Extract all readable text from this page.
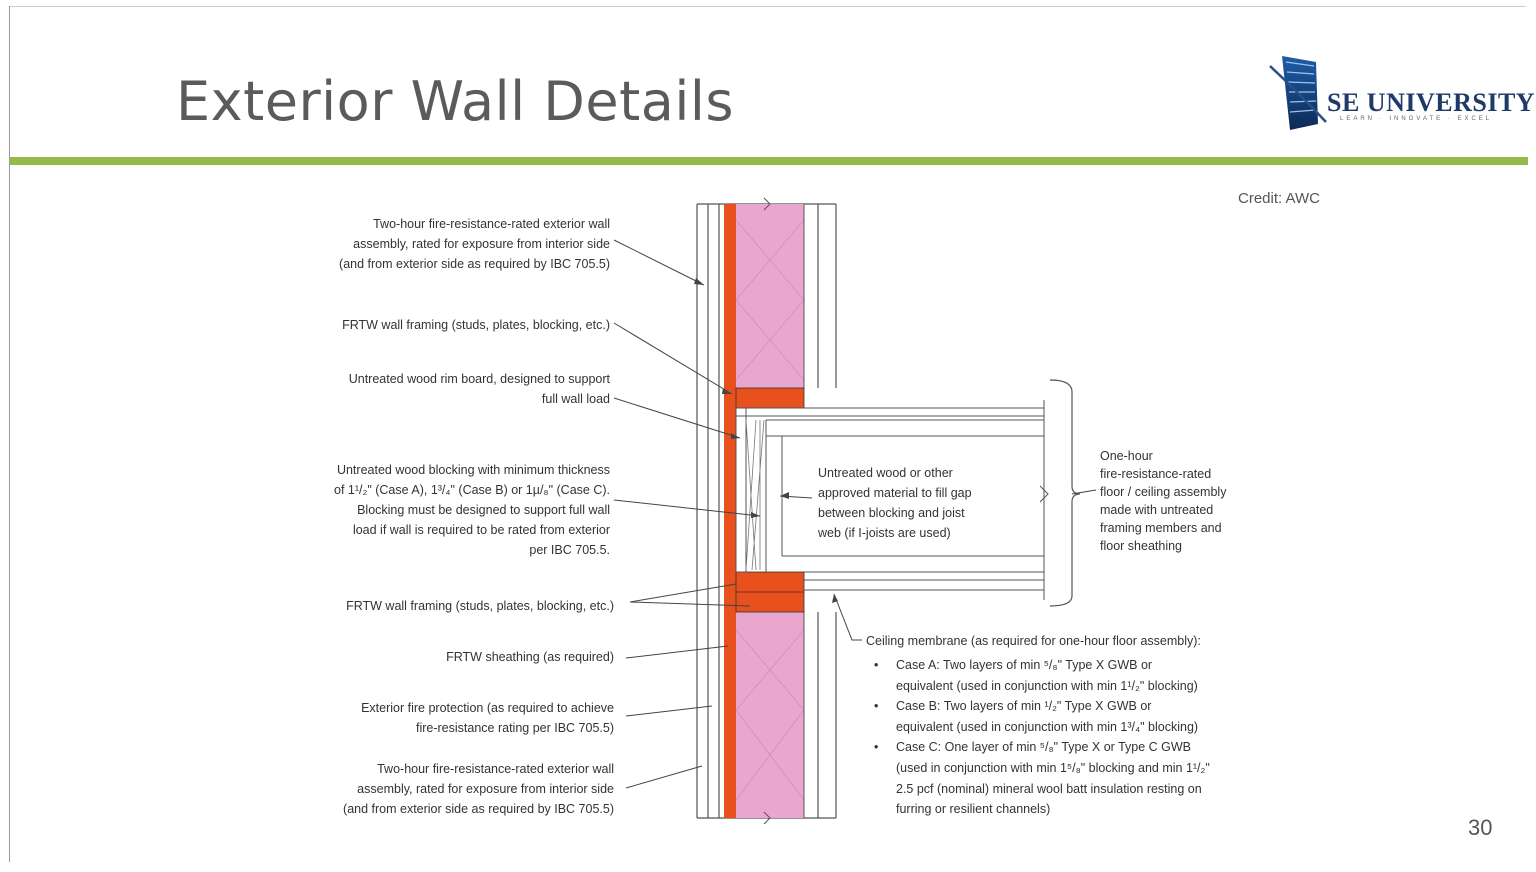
Exterior Wall Details	SE UNIVERSITY
LEARN · INNOVATE · EXCEL
Credit: AWC
Two-hour fire-resistance-rated exterior wall
assembly, rated for exposure from interior side
(and from exterior side as required by IBC 705.5)
FRTW wall framing (studs, plates, blocking, etc.)
Untreated wood rim board, designed to support
full wall load
Untreated wood blocking with minimum thickness
of 1¹/₂" (Case A), 1³/₄" (Case B) or 1µ/₈" (Case C).
Blocking must be designed to support full wall
load if wall is required to be rated from exterior
per IBC 705.5.
FRTW wall framing (studs, plates, blocking, etc.)
FRTW sheathing (as required)
Exterior fire protection (as required to achieve
fire-resistance rating per IBC 705.5)
Two-hour fire-resistance-rated exterior wall
assembly, rated for exposure from interior side
(and from exterior side as required by IBC 705.5)
Untreated wood or other
approved material to fill gap
between blocking and joist
web (if I-joists are used)
One-hour
fire-resistance-rated
floor / ceiling assembly
made with untreated
framing members and
floor sheathing
Ceiling membrane (as required for one-hour floor assembly):
• Case A: Two layers of min ⁵/₈" Type X GWB or
equivalent (used in conjunction with min 1¹/₂" blocking)
• Case B: Two layers of min ¹/₂" Type X GWB or
equivalent (used in conjunction with min 1³/₄" blocking)
• Case C: One layer of min ⁵/₈" Type X or Type C GWB
(used in conjunction with min 1⁵/₈" blocking and min 1¹/₂"
2.5 pcf (nominal) mineral wool batt insulation resting on
furring or resilient channels)
30
